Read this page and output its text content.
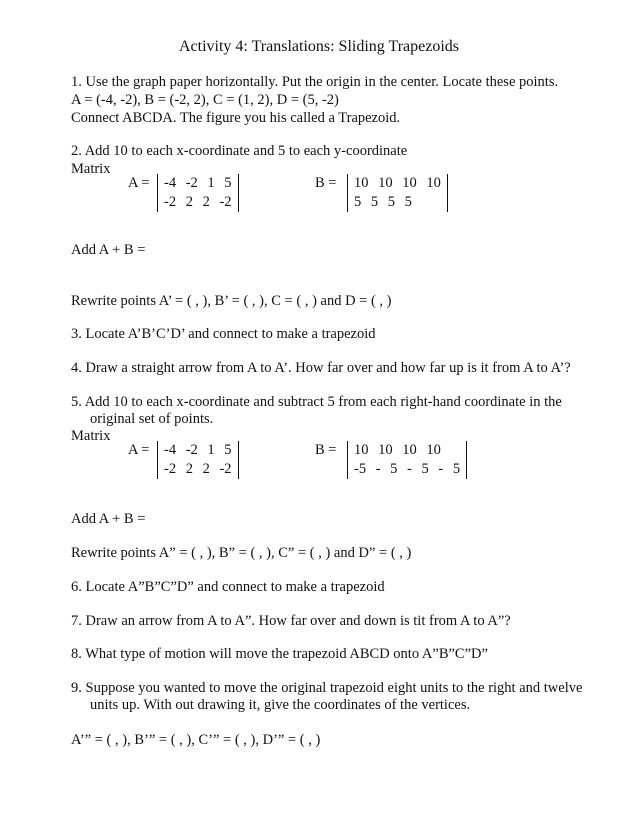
Activity 4: Translations: Sliding Trapezoids
1. Use the graph paper horizontally. Put the origin in the center. Locate these points.
A = (-4, -2), B = (-2, 2), C = (1, 2), D = (5, -2)
Connect ABCDA. The figure you his called a Trapezoid.
2. Add 10 to each x-coordinate and 5 to each y-coordinate
Matrix
A = -4 -2 1 5
-2 2 2 -2
B = 10 10 10 10
5 5 5 5
Add A + B =
Rewrite points A’ = ( , ), B’ = ( , ), C = ( , ) and D = ( , )
3. Locate A’B’C’D’ and connect to make a trapezoid
4. Draw a straight arrow from A to A’. How far over and how far up is it from A to A’?
5. Add 10 to each x-coordinate and subtract 5 from each right-hand coordinate in the
original set of points.
Matrix
A = -4 -2 1 5
-2 2 2 -2
B = 10 10 10 10
-5 - 5 - 5 - 5
Add A + B =
Rewrite points A” = ( , ), B” = ( , ), C” = ( , ) and D” = ( , )
6. Locate A”B”C”D” and connect to make a trapezoid
7. Draw an arrow from A to A”. How far over and down is tit from A to A”?
8. What type of motion will move the trapezoid ABCD onto A”B”C”D”
9. Suppose you wanted to move the original trapezoid eight units to the right and twelve
units up. With out drawing it, give the coordinates of the vertices.
A’” = ( , ), B’” = ( , ), C’” = ( , ), D’” = ( , )
